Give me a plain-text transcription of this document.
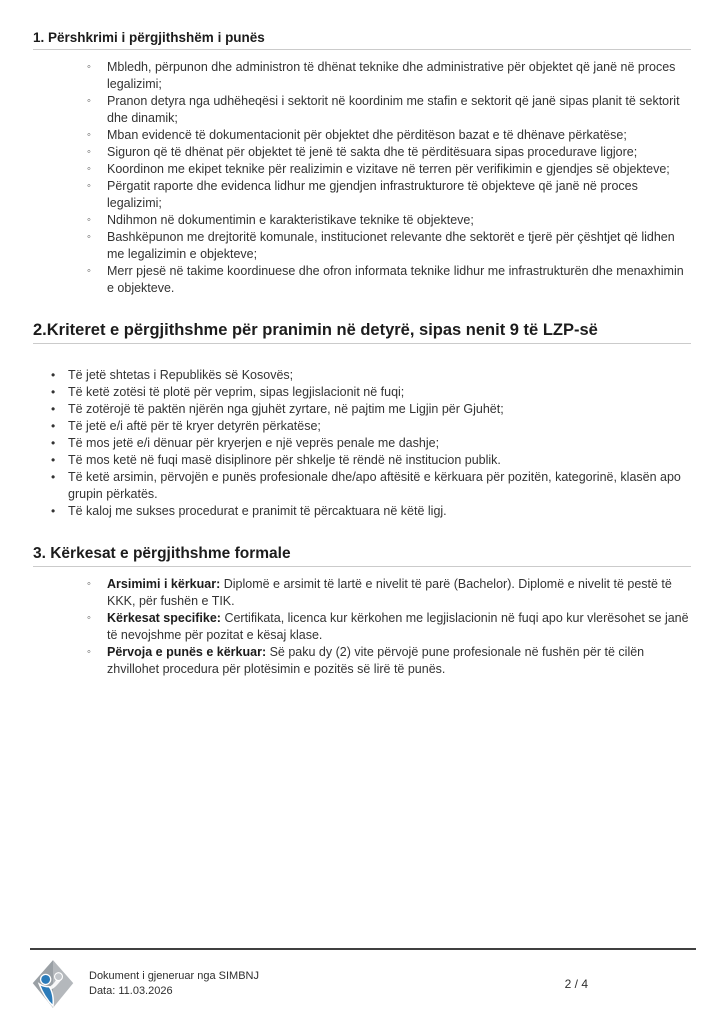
1. Përshkrimi i përgjithshëm i punës
◦ Mbledh, përpunon dhe administron të dhënat teknike dhe administrative për objektet që janë në proces legalizimi;
◦ Pranon detyra nga udhëheqësi i sektorit në koordinim me stafin e sektorit që janë sipas planit të sektorit dhe dinamik;
◦ Mban evidencë të dokumentacionit për objektet dhe përditëson bazat e të dhënave përkatëse;
◦ Siguron që të dhënat për objektet të jenë të sakta dhe të përditësuara sipas procedurave ligjore;
◦ Koordinon me ekipet teknike për realizimin e vizitave në terren për verifikimin e gjendjes së objekteve;
◦ Përgatit raporte dhe evidenca lidhur me gjendjen infrastrukturore të objekteve që janë në proces legalizimi;
◦ Ndihmon në dokumentimin e karakteristikave teknike të objekteve;
◦ Bashkëpunon me drejtoritë komunale, institucionet relevante dhe sektorët e tjerë për çështjet që lidhen me legalizimin e objekteve;
◦ Merr pjesë në takime koordinuese dhe ofron informata teknike lidhur me infrastrukturën dhe menaxhimin e objekteve.
2.Kriteret e përgjithshme për pranimin në detyrë, sipas nenit 9 të LZP-së
• Të jetë shtetas i Republikës së Kosovës;
• Të ketë zotësi të plotë për veprim, sipas legjislacionit në fuqi;
• Të zotërojë të paktën njërën nga gjuhët zyrtare, në pajtim me Ligjin për Gjuhët;
• Të jetë e/i aftë për të kryer detyrën përkatëse;
• Të mos jetë e/i dënuar për kryerjen e një veprës penale me dashje;
• Të mos ketë në fuqi masë disiplinore për shkelje të rëndë në institucion publik.
• Të ketë arsimin, përvojën e punës profesionale dhe/apo aftësitë e kërkuara për pozitën, kategorinë, klasën apo grupin përkatës.
• Të kaloj me sukses procedurat e pranimit të përcaktuara në këtë ligj.
3. Kërkesat e përgjithshme formale
◦ Arsimimi i kërkuar: Diplomë e arsimit të lartë e nivelit të parë (Bachelor). Diplomë e nivelit të pestë të KKK, për fushën e TIK.
◦ Kërkesat specifike: Certifikata, licenca kur kërkohen me legjislacionin në fuqi apo kur vlerësohet se janë të nevojshme për pozitat e kësaj klase.
◦ Përvoja e punës e kërkuar: Së paku dy (2) vite përvojë pune profesionale në fushën për të cilën zhvillohet procedura për plotësimin e pozitës së lirë të punës.
Dokument i gjeneruar nga SIMBNJ
Data: 11.03.2026	2 / 4
